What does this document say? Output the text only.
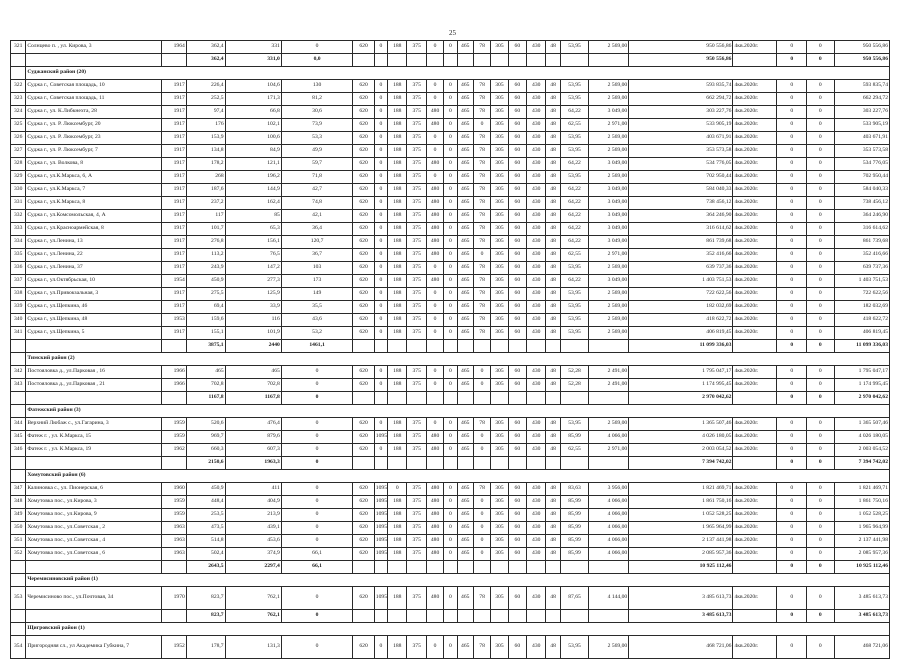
25
321	Солнцево п. , ул. Кирова, 3	1964	362,4	331	0	620	0	188	375	0	0	465	78	305	60	430	48	53,95	2 569,00	950 556,86	4кв.2020г.	0	0	950 556,86
			362,4	331,0	0,0															950 556,86		0	0	950 556,86
	Суджанский район (20)																							
322	Суджа г., Советская площадь, 10	1917	226,4	104,6	130	620	0	188	375	0	0	465	78	305	60	430	48	53,95	2 569,00	593 835,74	4кв.2020г.	0	0	593 835,74
323	Суджа г., Советская площадь, 11	1917	252,5	171,3	81,2	620	0	188	375	0	0	465	78	305	60	430	48	53,95	2 569,00	662 294,72	4кв.2020г.	0	0	662 294,72
324	Суджа г., ул. К.Либкнехта, 28	1917	97,4	66,8	30,6	620	0	188	375	480	0	465	78	305	60	430	48	64,22	3 049,00	303 227,76	4кв.2020г.	0	0	303 227,76
325	Суджа г., ул. Р. Люксембург, 20	1917	176	102,1	73,9	620	0	188	375	480	0	465	0	305	60	430	48	62,55	2 971,00	533 905,19	4кв.2020г.	0	0	533 905,19
326	Суджа г., ул. Р. Люксембург, 23	1917	153,9	100,6	53,3	620	0	188	375	0	0	465	78	305	60	430	48	53,95	2 569,00	403 671,91	4кв.2020г.	0	0	403 671,91
327	Суджа г., ул. Р. Люксембург, 7	1917	134,8	84,9	49,9	620	0	188	375	0	0	465	78	305	60	430	48	53,95	2 569,00	353 573,58	4кв.2020г.	0	0	353 573,58
328	Суджа г., ул. Волкова, 8	1917	178,2	121,1	59,7	620	0	188	375	480	0	465	78	305	60	430	48	64,22	3 049,00	534 776,05	4кв.2020г.	0	0	534 776,05
329	Суджа г., ул.К.Маркса, 6, А	1917	268	196,2	71,8	620	0	188	375	0	0	465	78	305	60	430	48	53,95	2 569,00	702 950,44	4кв.2020г.	0	0	702 950,44
330	Суджа г., ул.К.Маркса, 7	1917	187,6	144,9	42,7	620	0	188	375	480	0	465	78	305	60	430	48	64,22	3 049,00	584 040,33	4кв.2020г.	0	0	584 040,33
331	Суджа г., ул.К.Маркса, 8	1917	237,2	162,4	74,8	620	0	188	375	480	0	465	78	305	60	430	48	64,22	3 049,00	738 456,12	4кв.2020г.	0	0	738 456,12
332	Суджа г., ул.Комсомольская, 4, А	1917	117	85	42,1	620	0	188	375	480	0	465	78	305	60	430	48	64,22	3 049,00	364 246,90	4кв.2020г.	0	0	364 246,90
333	Суджа г., ул.Красноармейская, 8	1917	101,7	65,3	36,4	620	0	188	375	480	0	465	78	305	60	430	48	64,22	3 049,00	316 614,62	4кв.2020г.	0	0	316 614,62
334	Суджа г., ул.Ленина, 13	1917	276,8	156,1	120,7	620	0	188	375	480	0	465	78	305	60	430	48	64,22	3 049,00	861 739,68	4кв.2020г.	0	0	861 739,68
335	Суджа г., ул.Ленина, 22	1917	113,2	76,5	36,7	620	0	188	375	480	0	465	0	305	60	430	48	62,55	2 971,00	352 416,66	4кв.2020г.	0	0	352 416,66
336	Суджа г., ул.Ленина, 37	1917	243,9	147,2	103	620	0	188	375	0	0	465	78	305	60	430	48	53,95	2 569,00	639 737,36	4кв.2020г.	0	0	639 737,36
337	Суджа г., ул.Октябрьская, 10	1954	450,9	277,3	173	620	0	188	375	480	0	465	78	305	60	430	48	64,22	3 049,00	1 403 751,53	4кв.2020г.	0	0	1 403 751,53
338	Суджа г., ул.Привокзальная, 3	1917	275,5	125,9	149	620	0	188	375	0	0	465	78	305	60	430	48	53,95	2 569,00	722 622,56	4кв.2020г.	0	0	722 622,56
339	Суджа г., ул.Щепкина, 46	1917	69,4	33,9	35,5	620	0	188	375	0	0	465	78	305	60	430	48	53,95	2 569,00	182 032,69	4кв.2020г.	0	0	182 032,69
340	Суджа г., ул.Щепкина, 48	1953	159,6	116	43,6	620	0	188	375	0	0	465	78	305	60	430	48	53,95	2 569,00	418 622,72	4кв.2020г.	0	0	418 622,72
341	Суджа г., ул.Щепкина, 5	1917	155,1	101,9	53,2	620	0	188	375	0	0	465	78	305	60	430	48	53,95	2 569,00	406 819,45	4кв.2020г.	0	0	406 819,45
			3875,1	2440	1461,1															11 099 336,03		0	0	11 099 336,03
	Тимский район (2)																							
342	Постояловка д., ул.Парковая , 16	1966	465	465	0	620	0	188	375	0	0	465	0	305	60	430	48	52,28	2 491,00	1 795 047,17	4кв.2020г.	0	0	1 795 047,17
343	Постояловка д., ул.Парковая , 21	1966	702,8	702,8	0	620	0	188	375	0	0	465	0	305	60	430	48	52,28	2 491,00	1 174 995,45	4кв.2020г.	0	0	1 174 995,45
			1167,8	1167,8	0															2 970 042,62		0	0	2 970 042,62
	Фатежский район (3)																							
344	Верхний Любаж с., ул.Гагарина, 3	1959	520,6	476,4	0	620	0	188	375	0	0	465	78	305	60	430	48	53,95	2 569,00	1 365 507,46	4кв.2020г.	0	0	1 365 507,46
345	Фатеж г. , ул. К.Маркса, 15	1959	969,7	879,6	0	620	1095	188	375	480	0	465	0	305	60	430	48	85,99	4 066,00	4 026 180,05	4кв.2020г.	0	0	4 026 180,05
346	Фатеж г. , ул. К.Маркса, 19	1962	660,3	607,3	0	620	0	188	375	480	0	465	0	305	60	430	48	62,55	2 971,00	2 003 054,52	4кв.2020г.	0	0	2 003 054,52
			2150,6	1963,3	0															7 394 742,02		0	0	7 394 742,02
	Хомутовский район (6)																							
347	Калиновка с., ул. Пионерская, 6	1960	450,9	411	0	620	1095	0	375	480	0	465	78	305	60	430	48	83,63	3 956,00	1 821 469,71	4кв.2020г.	0	0	1 821 469,71
348	Хомутовка пос., ул.Кирова, 3	1959	448,4	404,9	0	620	1095	188	375	480	0	465	0	305	60	430	48	85,99	4 066,00	1 861 750,16	4кв.2020г.	0	0	1 861 750,16
349	Хомутовка пос., ул.Кирова, 9	1959	253,5	213,9	0	620	1095	188	375	480	0	465	0	305	60	430	48	85,99	4 066,00	1 052 528,25	4кв.2020г.	0	0	1 052 528,25
350	Хомутовка пос., ул.Советская , 2	1963	473,5	439,1	0	620	1095	188	375	480	0	465	0	305	60	430	48	85,99	4 066,00	1 965 964,99	4кв.2020г.	0	0	1 965 964,99
351	Хомутовка пос., ул.Советская , 4	1963	514,8	453,6	0	620	1095	188	375	480	0	465	0	305	60	430	48	85,99	4 066,00	2 137 441,98	4кв.2020г.	0	0	2 137 441,98
352	Хомутовка пос., ул.Советская , 6	1963	502,4	374,9	66,1	620	1095	188	375	480	0	465	0	305	60	430	48	85,99	4 066,00	2 085 957,36	4кв.2020г.	0	0	2 085 957,36
			2643,5	2297,4	66,1															10 925 112,46		0	0	10 925 112,46
	Черемисиновский район (1)																							
353	Черемисиново пос., ул.Почтовая, 34	1970	823,7	762,1	0	620	1095	188	375	480	0	465	78	305	60	430	48	87,65	4 144,00	3 485 613,73	4кв.2020г.	0	0	3 485 613,73
			823,7	762,1	0															3 485 613,73		0	0	3 485 613,73
	Щигровский район (1)																							
354	Пригородняя сл., ул Академика Губкина, 7	1952	178,7	131,3	0	620	0	188	375	0	0	465	78	305	60	430	48	53,95	2 569,00	468 721,06	4кв.2020г.	0	0	468 721,06
